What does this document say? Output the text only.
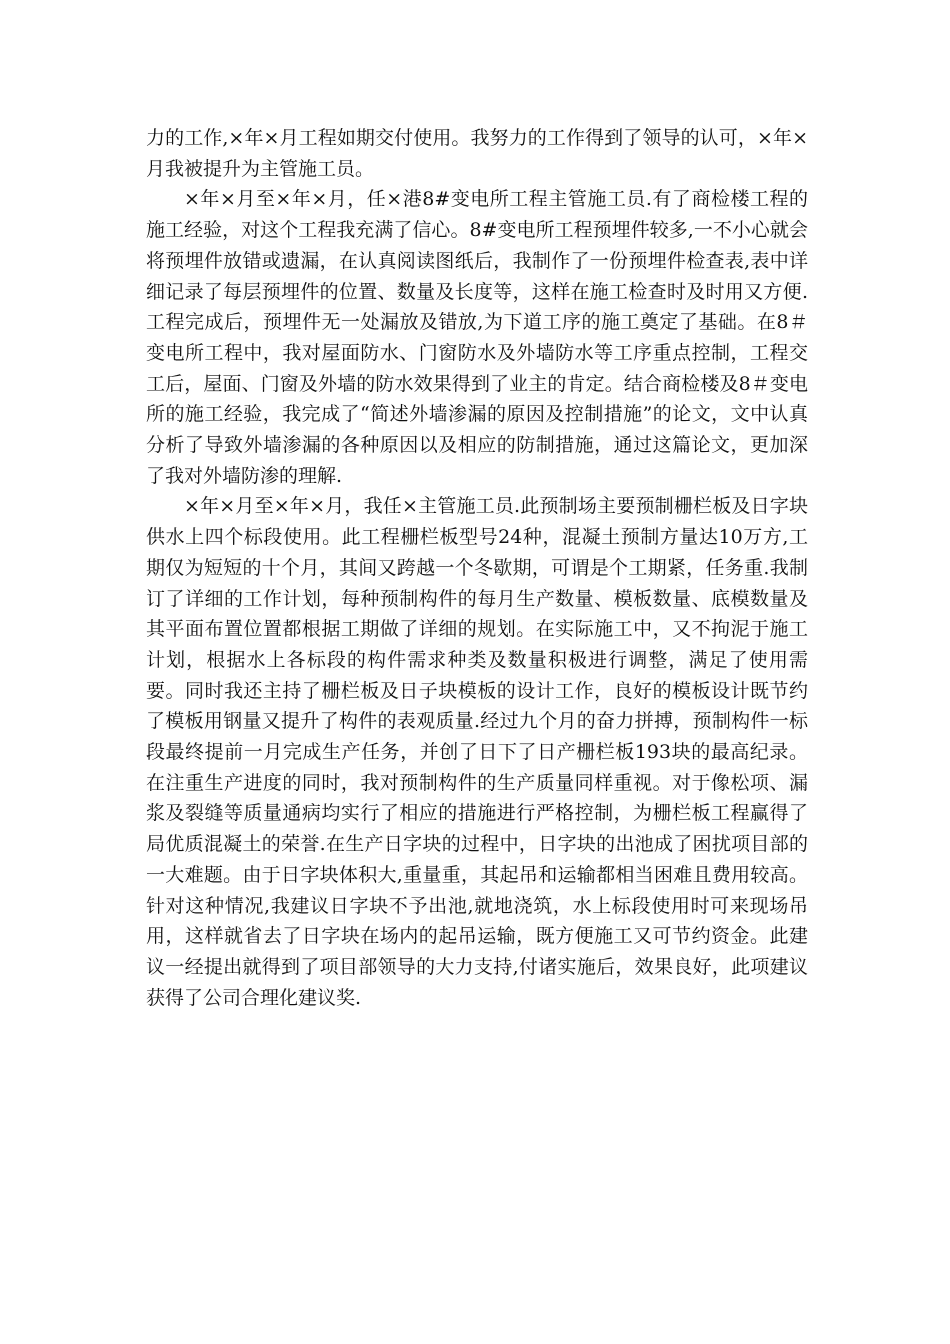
力的工作,×年×月工程如期交付使用。我努力的工作得到了领导的认可，×年×月我被提升为主管施工员。

×年×月至×年×月，任×港8#变电所工程主管施工员.有了商检楼工程的施工经验，对这个工程我充满了信心。8#变电所工程预埋件较多,一不小心就会将预埋件放错或遗漏，在认真阅读图纸后，我制作了一份预埋件检查表,表中详细记录了每层预埋件的位置、数量及长度等，这样在施工检查时及时用又方便.工程完成后，预埋件无一处漏放及错放,为下道工序的施工奠定了基础。在8＃变电所工程中，我对屋面防水、门窗防水及外墙防水等工序重点控制，工程交工后，屋面、门窗及外墙的防水效果得到了业主的肯定。结合商检楼及8＃变电所的施工经验，我完成了“简述外墙渗漏的原因及控制措施”的论文，文中认真分析了导致外墙渗漏的各种原因以及相应的防制措施，通过这篇论文，更加深了我对外墙防渗的理解.

×年×月至×年×月，我任×主管施工员.此预制场主要预制栅栏板及日字块供水上四个标段使用。此工程栅栏板型号24种，混凝土预制方量达10万方,工期仅为短短的十个月，其间又跨越一个冬歇期，可谓是个工期紧，任务重.我制订了详细的工作计划，每种预制构件的每月生产数量、模板数量、底模数量及其平面布置位置都根据工期做了详细的规划。在实际施工中，又不拘泥于施工计划，根据水上各标段的构件需求种类及数量积极进行调整，满足了使用需要。同时我还主持了栅栏板及日子块模板的设计工作，良好的模板设计既节约了模板用钢量又提升了构件的表观质量.经过九个月的奋力拼搏，预制构件一标段最终提前一月完成生产任务，并创了日下了日产栅栏板193块的最高纪录。在注重生产进度的同时，我对预制构件的生产质量同样重视。对于像松项、漏浆及裂缝等质量通病均实行了相应的措施进行严格控制，为栅栏板工程赢得了局优质混凝土的荣誉.在生产日字块的过程中，日字块的出池成了困扰项目部的一大难题。由于日字块体积大,重量重，其起吊和运输都相当困难且费用较高。针对这种情况,我建议日字块不予出池,就地浇筑，水上标段使用时可来现场吊用，这样就省去了日字块在场内的起吊运输，既方便施工又可节约资金。此建议一经提出就得到了项目部领导的大力支持,付诸实施后，效果良好，此项建议获得了公司合理化建议奖.
